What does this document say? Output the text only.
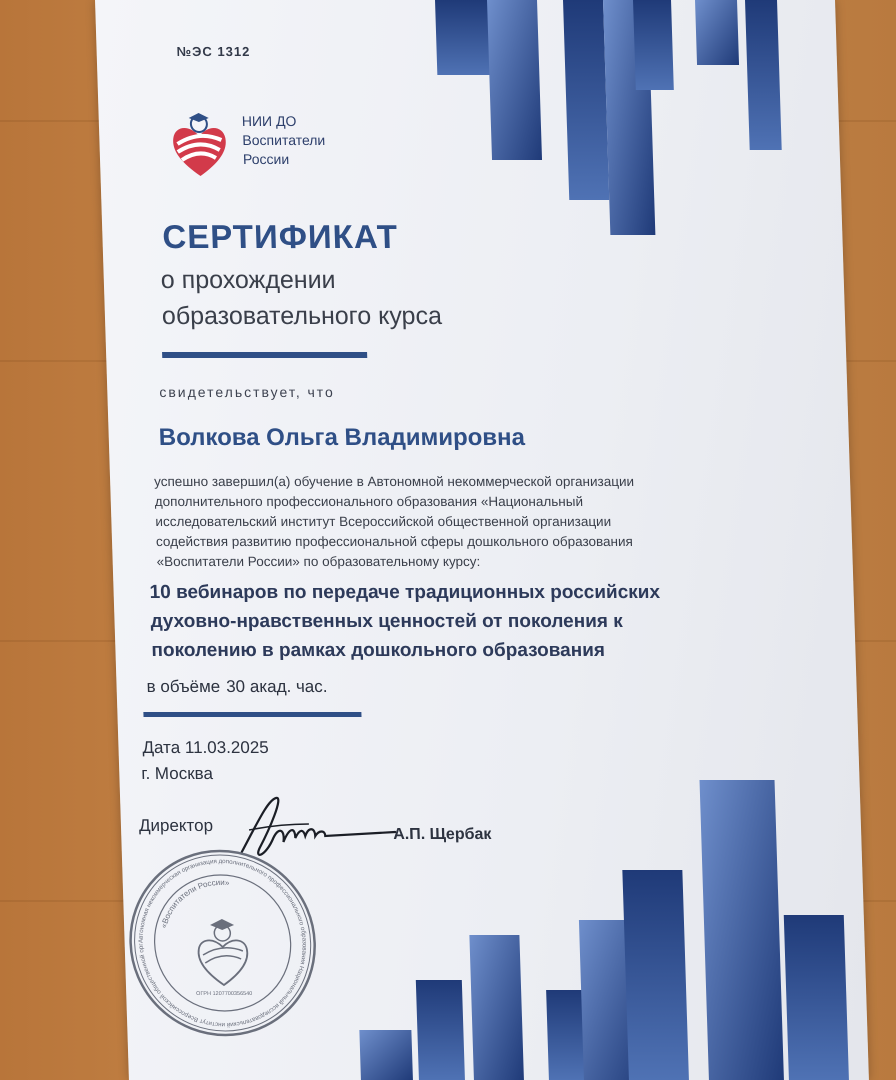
№ЭС 1312
НИИ ДО
Воспитатели
России
СЕРТИФИКАТ
о прохождении
образовательного курса
свидетельствует, что
Волкова Ольга Владимировна
успешно завершил(а) обучение в Автономной некоммерческой организации
дополнительного профессионального образования «Национальный
исследовательский институт Всероссийской общественной организации
содействия развитию профессиональной сферы дошкольного образования
«Воспитатели России» по образовательному курсу:
10 вебинаров по передаче традиционных российских
духовно-нравственных ценностей от поколения к
поколению в рамках дошкольного образования
в объёме 30 акад. час.
Дата 11.03.2025
г. Москва
Директор	А.П. Щербак
Автономная некоммерческая организация дополнительного профессионального образования Национальный исследовательский институт Всероссийской общественной организации
«Воспитатели России»
ОГРН 1207700356540
